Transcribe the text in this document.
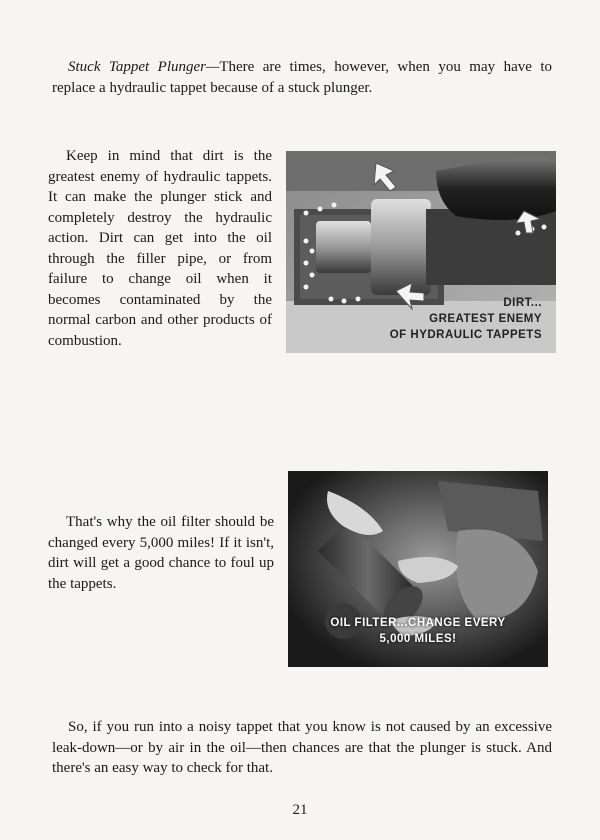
Stuck Tappet Plunger—There are times, however, when you may have to replace a hydraulic tappet because of a stuck plunger.
Keep in mind that dirt is the greatest enemy of hydraulic tappets. It can make the plunger stick and completely destroy the hydraulic action. Dirt can get into the oil through the filler pipe, or from failure to change oil when it becomes contaminated by the normal carbon and other products of combustion.
DIRT...
GREATEST ENEMY
OF HYDRAULIC TAPPETS
That's why the oil filter should be changed every 5,000 miles! If it isn't, dirt will get a good chance to foul up the tappets.
OIL FILTER...CHANGE EVERY
5,000 MILES!
So, if you run into a noisy tappet that you know is not caused by an excessive leak-down—or by air in the oil—then chances are that the plunger is stuck. And there's an easy way to check for that.
21
